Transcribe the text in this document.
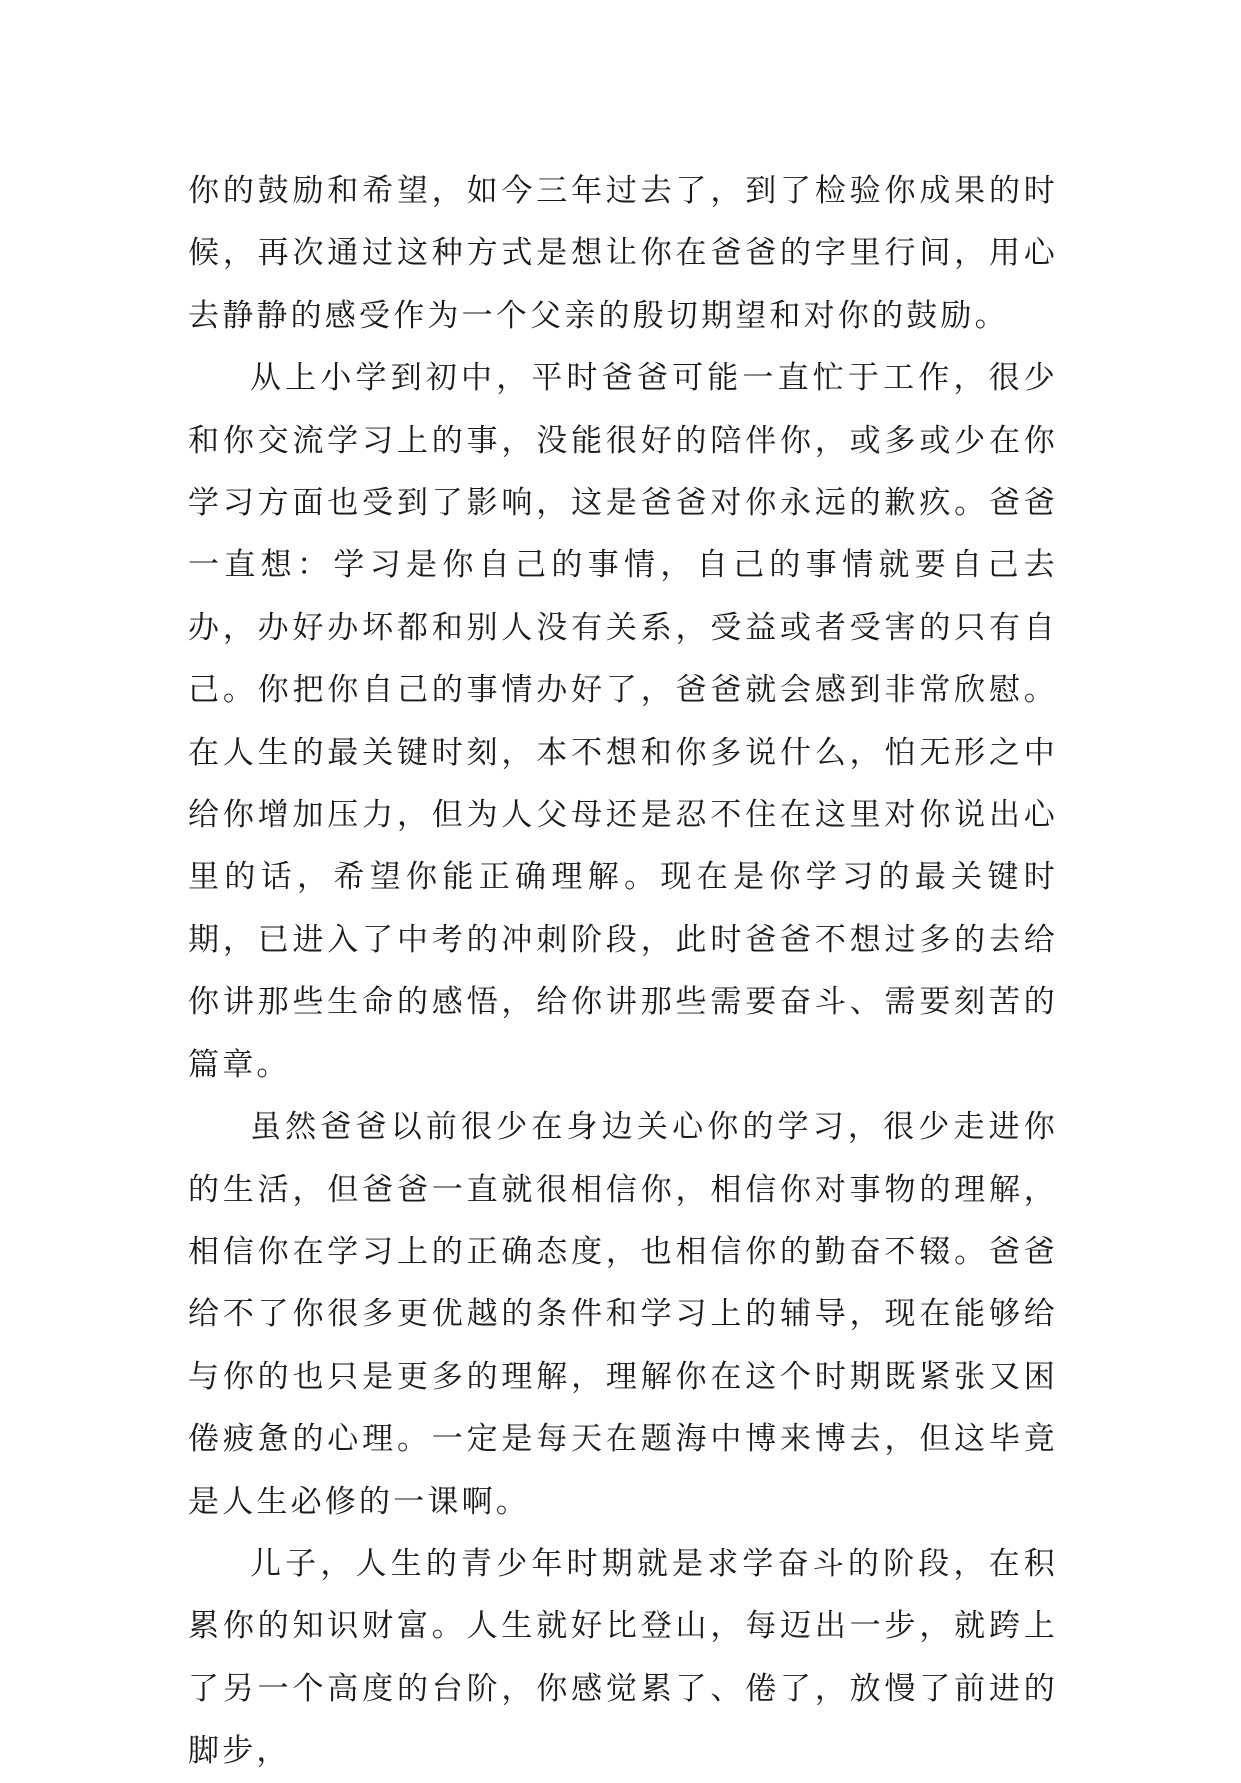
你的鼓励和希望，如今三年过去了，到了检验你成果的时候，再次通过这种方式是想让你在爸爸的字里行间，用心去静静的感受作为一个父亲的殷切期望和对你的鼓励。

从上小学到初中，平时爸爸可能一直忙于工作，很少和你交流学习上的事，没能很好的陪伴你，或多或少在你学习方面也受到了影响，这是爸爸对你永远的歉疚。爸爸一直想：学习是你自己的事情，自己的事情就要自己去办，办好办坏都和别人没有关系，受益或者受害的只有自己。你把你自己的事情办好了，爸爸就会感到非常欣慰。在人生的最关键时刻，本不想和你多说什么，怕无形之中给你增加压力，但为人父母还是忍不住在这里对你说出心里的话，希望你能正确理解。现在是你学习的最关键时期，已进入了中考的冲刺阶段，此时爸爸不想过多的去给你讲那些生命的感悟，给你讲那些需要奋斗、需要刻苦的篇章。

虽然爸爸以前很少在身边关心你的学习，很少走进你的生活，但爸爸一直就很相信你，相信你对事物的理解，相信你在学习上的正确态度，也相信你的勤奋不辍。爸爸给不了你很多更优越的条件和学习上的辅导，现在能够给与你的也只是更多的理解，理解你在这个时期既紧张又困倦疲惫的心理。一定是每天在题海中博来博去，但这毕竟是人生必修的一课啊。

儿子，人生的青少年时期就是求学奋斗的阶段，在积累你的知识财富。人生就好比登山，每迈出一步，就跨上了另一个高度的台阶，你感觉累了、倦了，放慢了前进的脚步，
